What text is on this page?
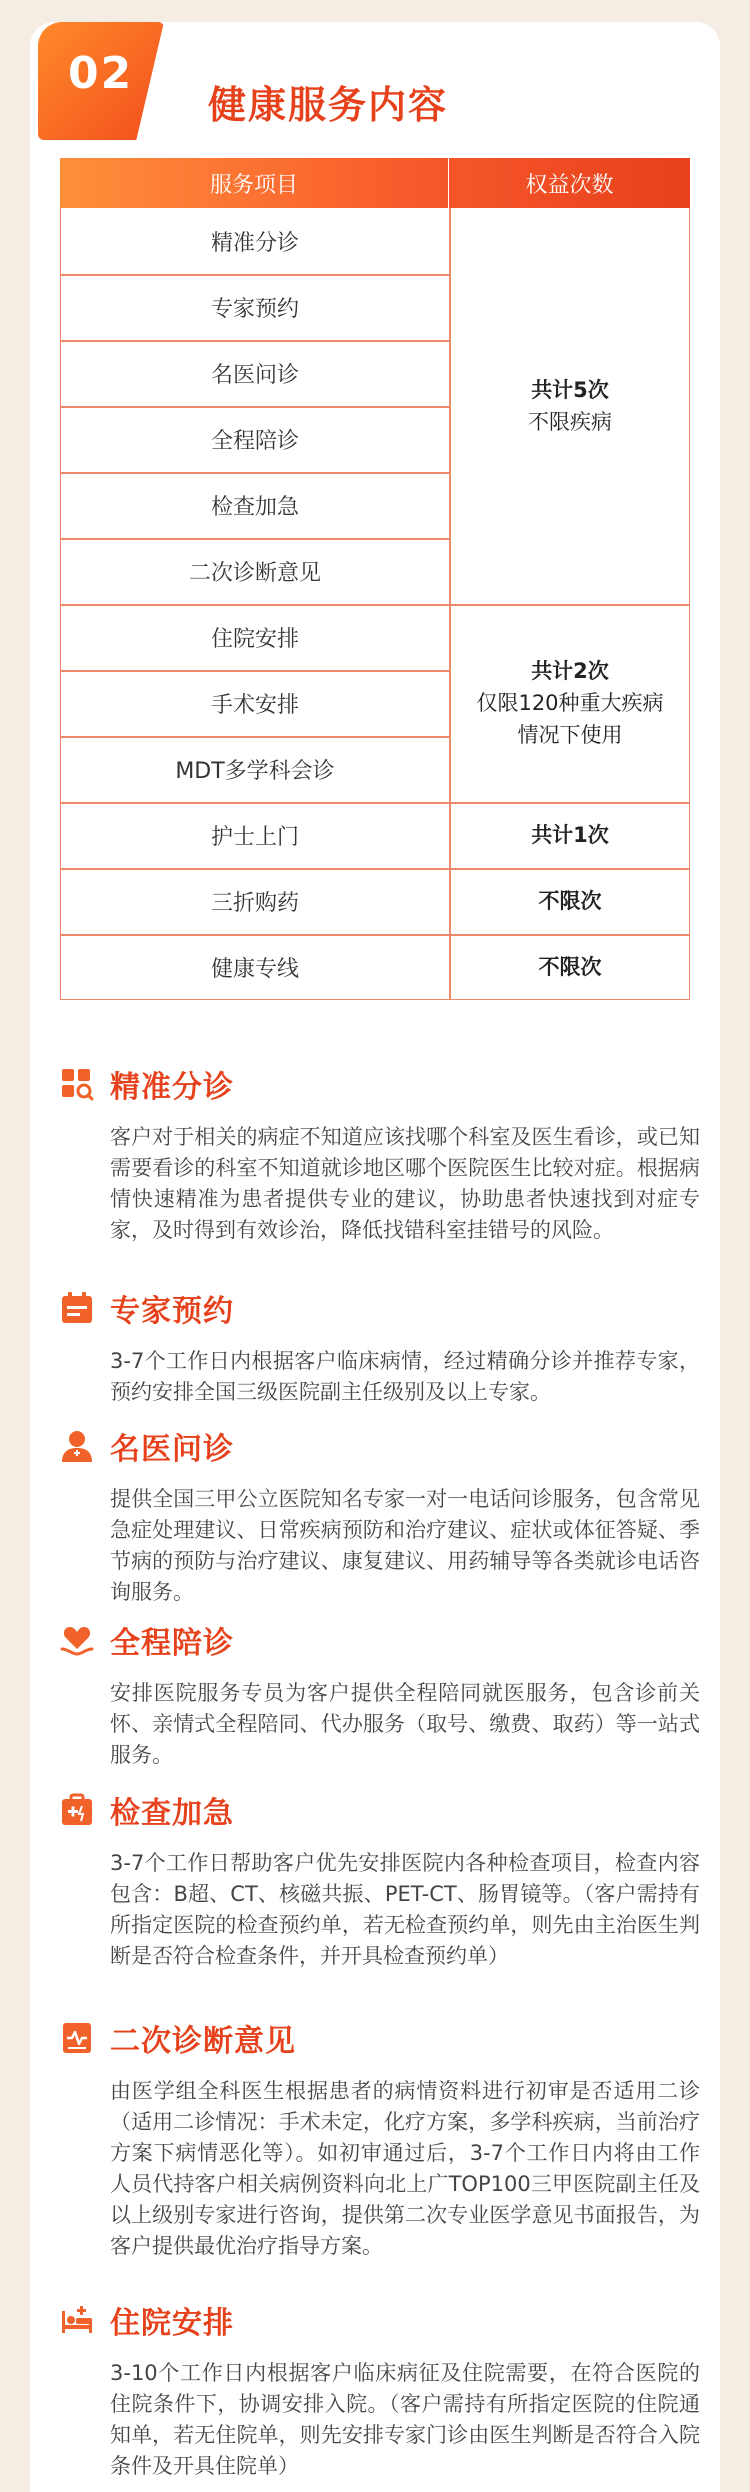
02
健康服务内容
服务项目	权益次数
精准分诊
专家预约
名医问诊
全程陪诊
检查加急
二次诊断意见
住院安排
手术安排
MDT多学科会诊
护士上门
三折购药
健康专线
共计5次
不限疾病
共计2次
仅限120种重大疾病
情况下使用
共计1次
不限次
不限次
精准分诊
客户对于相关的病症不知道应该找哪个科室及医生看诊，或已知需要看诊的科室不知道就诊地区哪个医院医生比较对症。根据病情快速精准为患者提供专业的建议，协助患者快速找到对症专家，及时得到有效诊治，降低找错科室挂错号的风险。
专家预约
3-7个工作日内根据客户临床病情，经过精确分诊并推荐专家，预约安排全国三级医院副主任级别及以上专家。
名医问诊
提供全国三甲公立医院知名专家一对一电话问诊服务，包含常见急症处理建议、日常疾病预防和治疗建议、症状或体征答疑、季节病的预防与治疗建议、康复建议、用药辅导等各类就诊电话咨询服务。
全程陪诊
安排医院服务专员为客户提供全程陪同就医服务，包含诊前关怀、亲情式全程陪同、代办服务（取号、缴费、取药）等一站式服务。
检查加急
3-7个工作日帮助客户优先安排医院内各种检查项目，检查内容包含：B超、CT、核磁共振、PET-CT、肠胃镜等。（客户需持有所指定医院的检查预约单，若无检查预约单，则先由主治医生判断是否符合检查条件，并开具检查预约单）
二次诊断意见
由医学组全科医生根据患者的病情资料进行初审是否适用二诊（适用二诊情况：手术未定，化疗方案，多学科疾病，当前治疗方案下病情恶化等）。如初审通过后，3-7个工作日内将由工作人员代持客户相关病例资料向北上广TOP100三甲医院副主任及以上级别专家进行咨询，提供第二次专业医学意见书面报告，为客户提供最优治疗指导方案。
住院安排
3-10个工作日内根据客户临床病征及住院需要，在符合医院的住院条件下，协调安排入院。（客户需持有所指定医院的住院通知单，若无住院单，则先安排专家门诊由医生判断是否符合入院条件及开具住院单）
